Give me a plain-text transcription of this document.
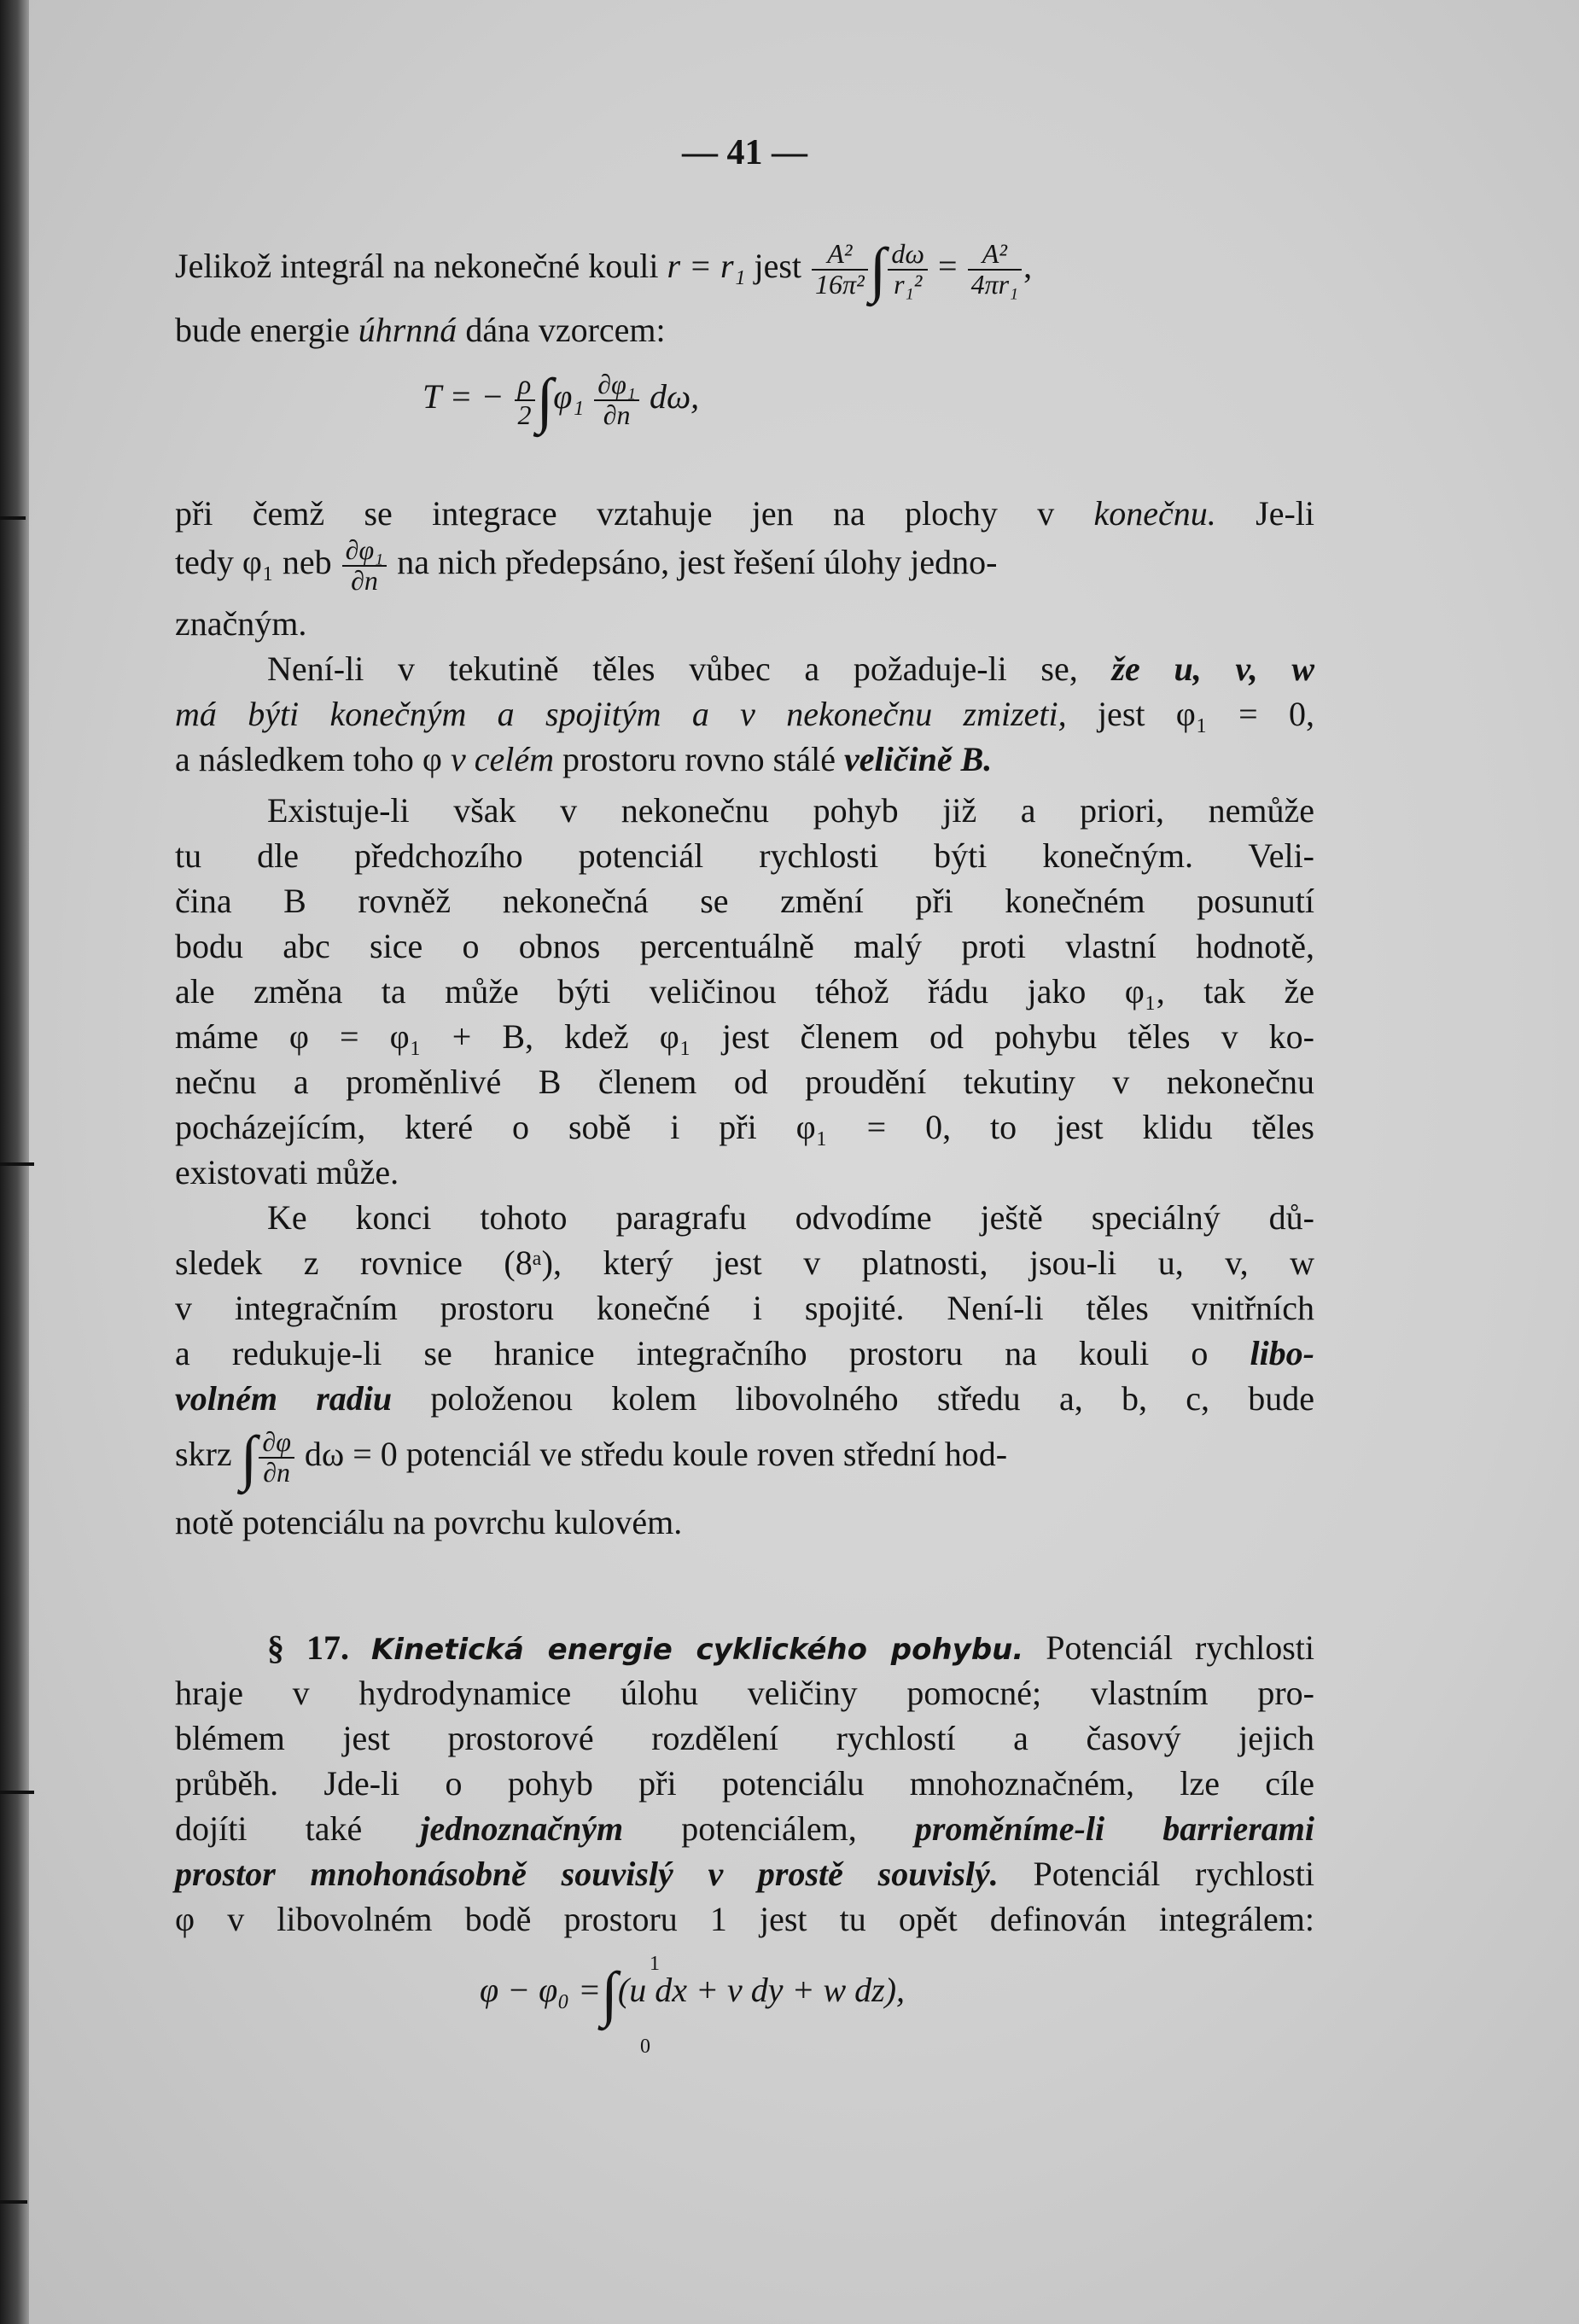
— 41 —
Jelikož integrál na nekonečné kouli r = r₁ jest $\frac{\text{A²}}{\text{16π²}}$ ∫ $\frac{d\omega}{\text{r₁²}} = \frac{\text{A²}}{\text{4πr₁}}$ ,
bude energie úhrnná dána vzorcem:
T = − $\frac{\rho}{2} \int\varphi_1 \frac{\text{∂φ₁}}{\partial n} d\omega$,
při čemž se integrace vztahuje jen na plochy v konečnu. Je-li
tedy φ₁ neb $\frac{\text{∂φ₁}}{\partial n}$ na nich předepsáno, jest řešení úlohy jedno-
značným.
Není-li v tekutině těles vůbec a požaduje-li se, že u, v, w
má býti konečným a spojitým a v nekonečnu zmizeti, jest φ₁ = 0,
a následkem toho φ v celém prostoru rovno stálé veličině B.
Existuje-li však v nekonečnu pohyb již a priori, nemůže
tu dle předchozího potenciál rychlosti býti konečným. Veli-
čina B rovněž nekonečná se změní při konečném posunutí
bodu abc sice o obnos percentuálně malý proti vlastní hodnotě,
ale změna ta může býti veličinou téhož řádu jako φ₁, tak že
máme φ = φ₁ + B, kdež φ₁ jest členem od pohybu těles v ko-
nečnu a proměnlivé B členem od proudění tekutiny v nekonečnu
pocházejícím, které o sobě i při φ₁ = 0, to jest klidu těles
existovati může.
Ke konci tohoto paragrafu odvodíme ještě speciálný dů-
sledek z rovnice (8ᵃ), který jest v platnosti, jsou-li u, v, w
v integračním prostoru konečné i spojité. Není-li těles vnitřních
a redukuje-li se hranice integračního prostoru na kouli o libo-
volném radiu položenou kolem libovolného středu a, b, c, bude
skrz ∫ $\frac{\partial\varphi}{\partial n}$ dω = 0 potenciál ve středu koule roven střední hod-
notě potenciálu na povrchu kulovém.
§ 17. Kinetická energie cyklického pohybu. Potenciál rychlosti
hraje v hydrodynamice úlohu veličiny pomocné; vlastním pro-
blémem jest prostorové rozdělení rychlostí a časový jejich
průběh. Jde-li o pohyb při potenciálu mnohoznačném, lze cíle
dojíti také jednoznačným potenciálem, proměníme-li barrierami
prostor mnohonásobně souvislý v prostě souvislý. Potenciál rychlosti
φ v libovolném bodě prostoru 1 jest tu opět definován integrálem:
φ − φ₀ =∫(u dx + v dy + w dz),
1
0
